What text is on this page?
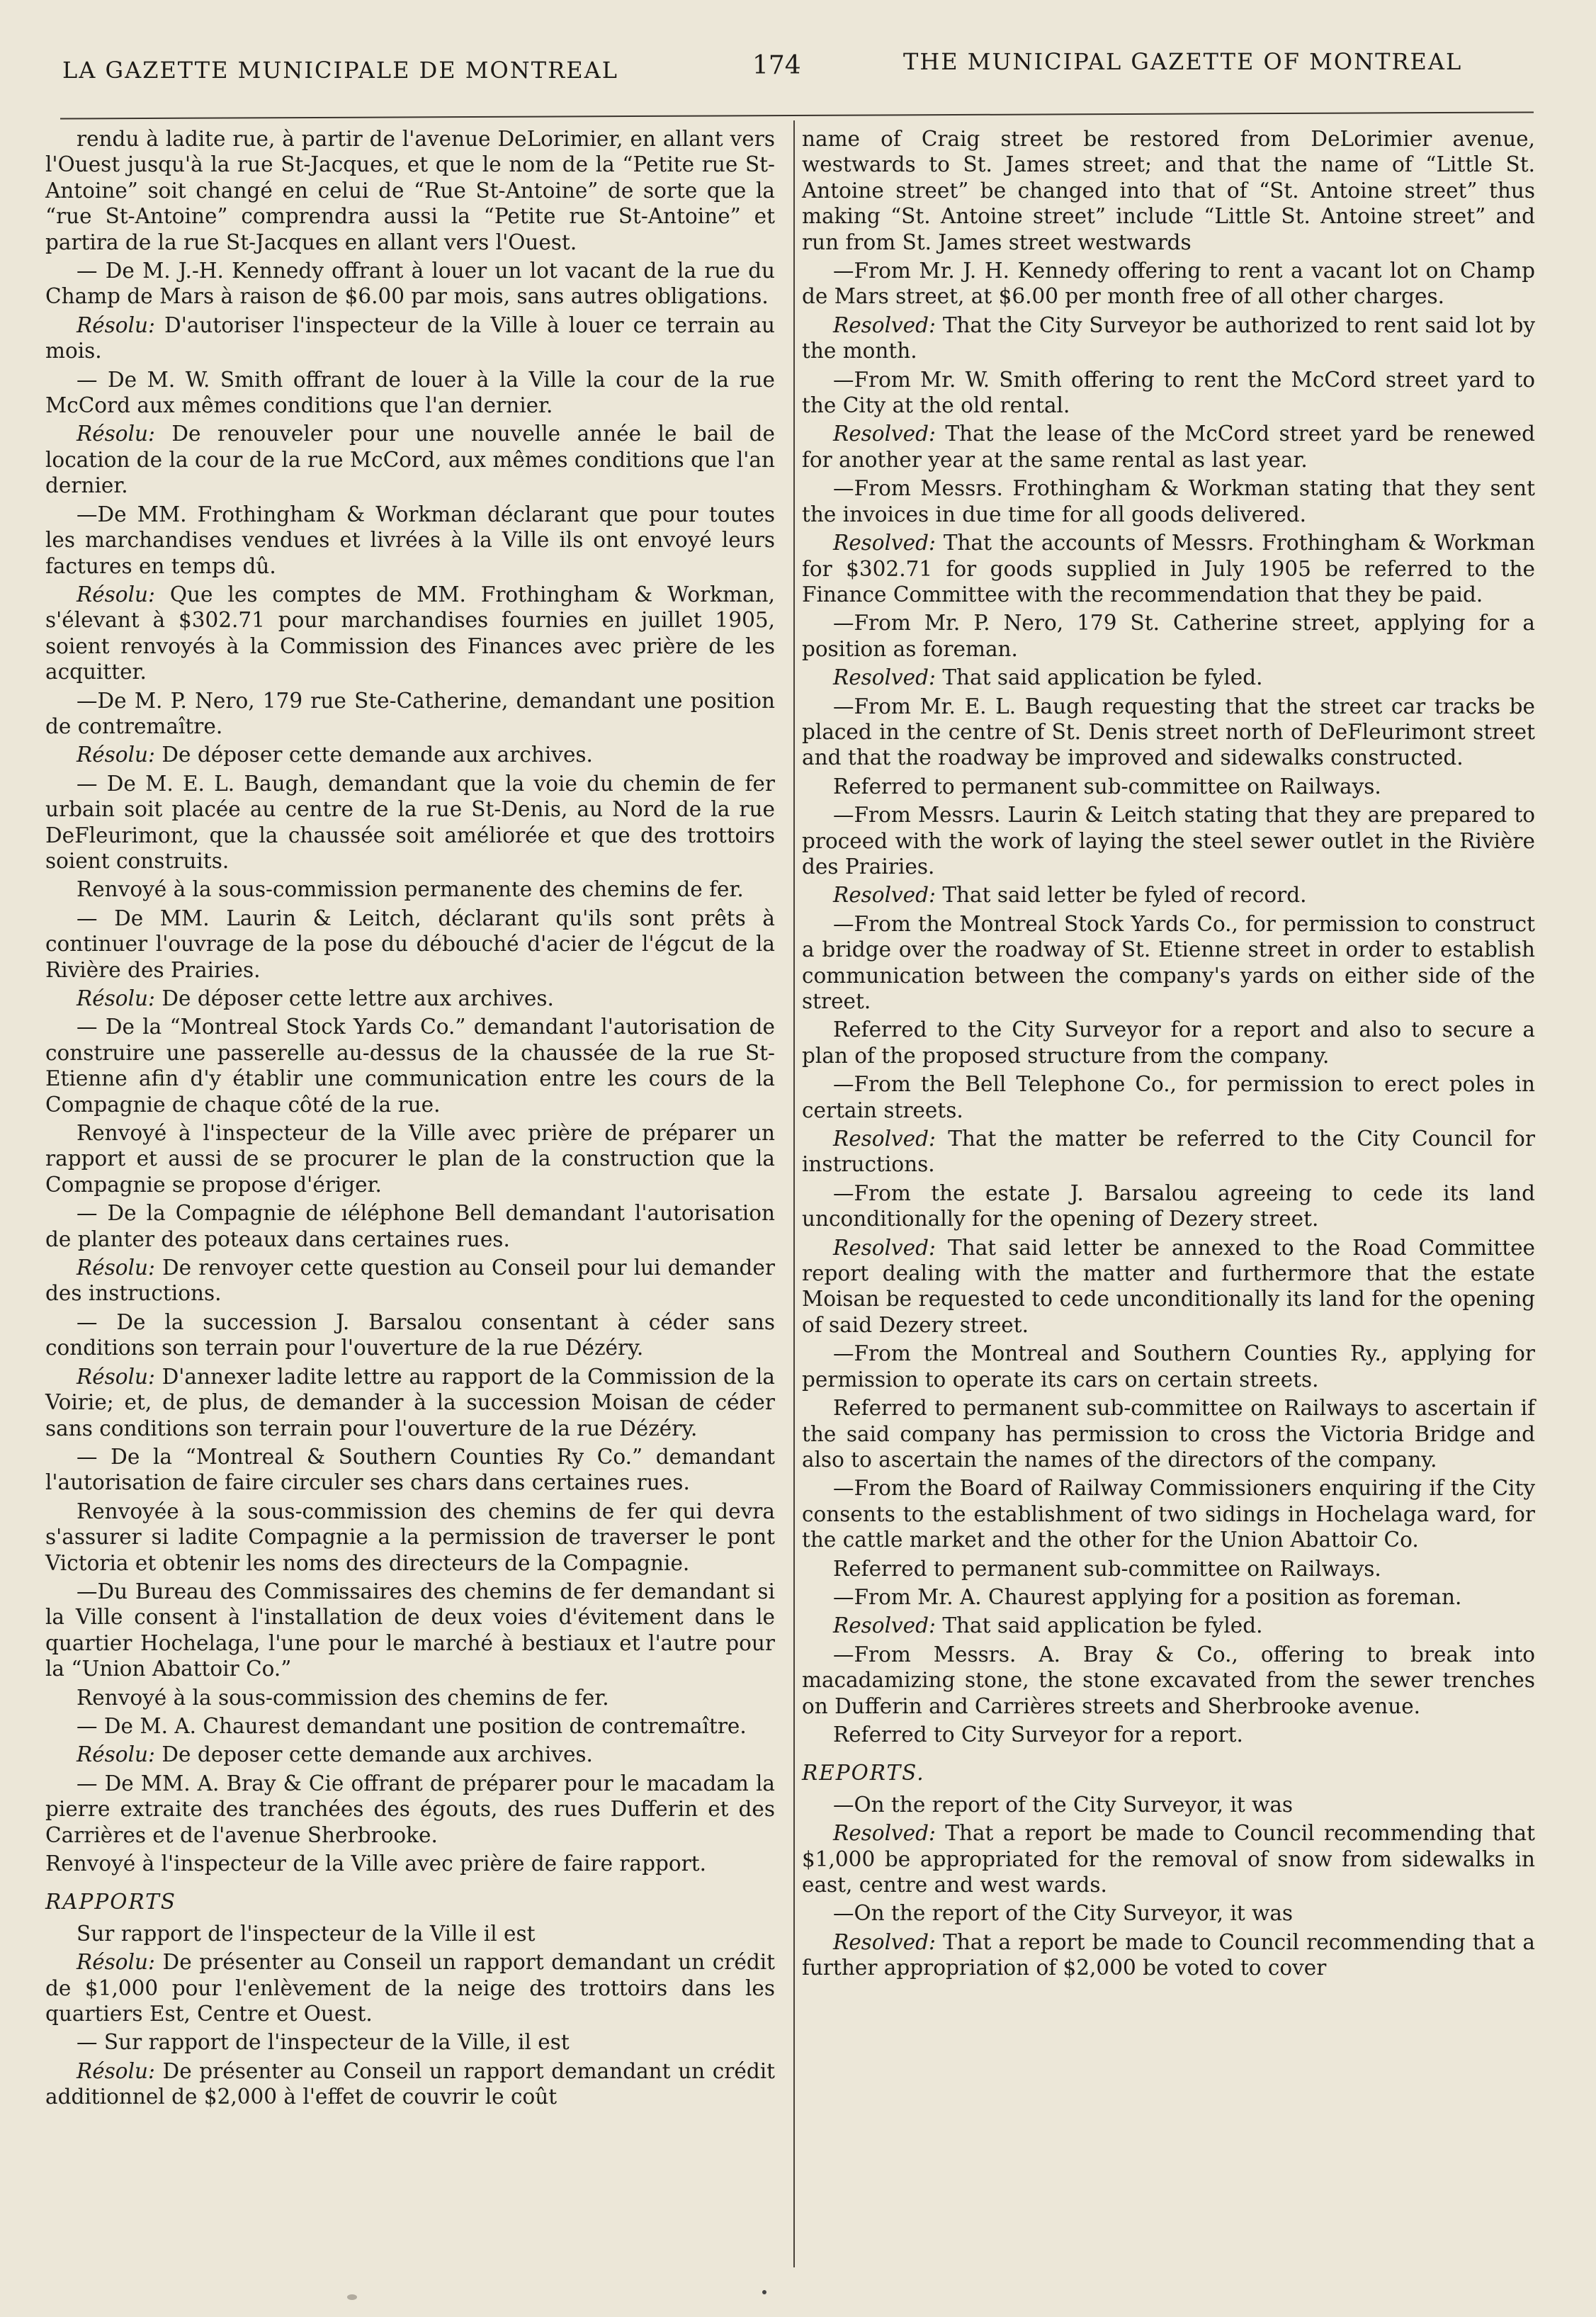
LA GAZETTE MUNICIPALE DE MONTREAL	174	THE MUNICIPAL GAZETTE OF MONTREAL

rendu à ladite rue, à partir de l'avenue DeLorimier, en allant vers l'Ouest jusqu'à la rue St-Jacques, et que le nom de la “Petite rue St-Antoine” soit changé en celui de “Rue St-Antoine” de sorte que la “rue St-Antoine” comprendra aussi la “Petite rue St-Antoine” et partira de la rue St-Jacques en allant vers l'Ouest.

— De M. J.-H. Kennedy offrant à louer un lot vacant de la rue du Champ de Mars à raison de $6.00 par mois, sans autres obligations.

Résolu: D'autoriser l'inspecteur de la Ville à louer ce terrain au mois.

— De M. W. Smith offrant de louer à la Ville la cour de la rue McCord aux mêmes conditions que l'an dernier.

Résolu: De renouveler pour une nouvelle année le bail de location de la cour de la rue McCord, aux mêmes conditions que l'an dernier.

—De MM. Frothingham & Workman déclarant que pour toutes les marchandises vendues et livrées à la Ville ils ont envoyé leurs factures en temps dû.

Résolu: Que les comptes de MM. Frothingham & Workman, s'élevant à $302.71 pour marchandises fournies en juillet 1905, soient renvoyés à la Commission des Finances avec prière de les acquitter.

—De M. P. Nero, 179 rue Ste-Catherine, demandant une position de contremaître.

Résolu: De déposer cette demande aux archives.

— De M. E. L. Baugh, demandant que la voie du chemin de fer urbain soit placée au centre de la rue St-Denis, au Nord de la rue DeFleurimont, que la chaussée soit améliorée et que des trottoirs soient construits.

Renvoyé à la sous-commission permanente des chemins de fer.

— De MM. Laurin & Leitch, déclarant qu'ils sont prêts à continuer l'ouvrage de la pose du débouché d'acier de l'égcut de la Rivière des Prairies.

Résolu: De déposer cette lettre aux archives.

— De la “Montreal Stock Yards Co.” demandant l'autorisation de construire une passerelle au-dessus de la chaussée de la rue St-Etienne afin d'y établir une communication entre les cours de la Compagnie de chaque côté de la rue.

Renvoyé à l'inspecteur de la Ville avec prière de préparer un rapport et aussi de se procurer le plan de la construction que la Compagnie se propose d'ériger.

— De la Compagnie de ıéléphone Bell demandant l'autorisation de planter des poteaux dans certaines rues.

Résolu: De renvoyer cette question au Conseil pour lui demander des instructions.

— De la succession J. Barsalou consentant à céder sans conditions son terrain pour l'ouverture de la rue Dézéry.

Résolu: D'annexer ladite lettre au rapport de la Commission de la Voirie; et, de plus, de demander à la succession Moisan de céder sans conditions son terrain pour l'ouverture de la rue Dézéry.

— De la “Montreal & Southern Counties Ry Co.” demandant l'autorisation de faire circuler ses chars dans certaines rues.

Renvoyée à la sous-commission des chemins de fer qui devra s'assurer si ladite Compagnie a la permission de traverser le pont Victoria et obtenir les noms des directeurs de la Compagnie.

—Du Bureau des Commissaires des chemins de fer demandant si la Ville consent à l'installation de deux voies d'évitement dans le quartier Hochelaga, l'une pour le marché à bestiaux et l'autre pour la “Union Abattoir Co.”

Renvoyé à la sous-commission des chemins de fer.

— De M. A. Chaurest demandant une position de contremaître.

Résolu: De deposer cette demande aux archives.

— De MM. A. Bray & Cie offrant de préparer pour le macadam la pierre extraite des tranchées des égouts, des rues Dufferin et des Carrières et de l'avenue Sherbrooke.

Renvoyé à l'inspecteur de la Ville avec prière de faire rapport.

RAPPORTS

Sur rapport de l'inspecteur de la Ville il est

Résolu: De présenter au Conseil un rapport demandant un crédit de $1,000 pour l'enlèvement de la neige des trottoirs dans les quartiers Est, Centre et Ouest.

— Sur rapport de l'inspecteur de la Ville, il est

Résolu: De présenter au Conseil un rapport demandant un crédit additionnel de $2,000 à l'effet de couvrir le coût

name of Craig street be restored from DeLorimier avenue, westwards to St. James street; and that the name of “Little St. Antoine street” be changed into that of “St. Antoine street” thus making “St. Antoine street” include “Little St. Antoine street” and run from St. James street westwards

—From Mr. J. H. Kennedy offering to rent a vacant lot on Champ de Mars street, at $6.00 per month free of all other charges.

Resolved: That the City Surveyor be authorized to rent said lot by the month.

—From Mr. W. Smith offering to rent the McCord street yard to the City at the old rental.

Resolved: That the lease of the McCord street yard be renewed for another year at the same rental as last year.

—From Messrs. Frothingham & Workman stating that they sent the invoices in due time for all goods delivered.

Resolved: That the accounts of Messrs. Frothingham & Workman for $302.71 for goods supplied in July 1905 be referred to the Finance Committee with the recommendation that they be paid.

—From Mr. P. Nero, 179 St. Catherine street, applying for a position as foreman.

Resolved: That said application be fyled.

—From Mr. E. L. Baugh requesting that the street car tracks be placed in the centre of St. Denis street north of DeFleurimont street and that the roadway be improved and sidewalks constructed.

Referred to permanent sub-committee on Railways.

—From Messrs. Laurin & Leitch stating that they are prepared to proceed with the work of laying the steel sewer outlet in the Rivière des Prairies.

Resolved: That said letter be fyled of record.

—From the Montreal Stock Yards Co., for permission to construct a bridge over the roadway of St. Etienne street in order to establish communication between the company's yards on either side of the street.

Referred to the City Surveyor for a report and also to secure a plan of the proposed structure from the company.

—From the Bell Telephone Co., for permission to erect poles in certain streets.

Resolved: That the matter be referred to the City Council for instructions.

—From the estate J. Barsalou agreeing to cede its land unconditionally for the opening of Dezery street.

Resolved: That said letter be annexed to the Road Committee report dealing with the matter and furthermore that the estate Moisan be requested to cede unconditionally its land for the opening of said Dezery street.

—From the Montreal and Southern Counties Ry., applying for permission to operate its cars on certain streets.

Referred to permanent sub-committee on Railways to ascertain if the said company has permission to cross the Victoria Bridge and also to ascertain the names of the directors of the company.

—From the Board of Railway Commissioners enquiring if the City consents to the establishment of two sidings in Hochelaga ward, for the cattle market and the other for the Union Abattoir Co.

Referred to permanent sub-committee on Railways.

—From Mr. A. Chaurest applying for a position as foreman.

Resolved: That said application be fyled.

—From Messrs. A. Bray & Co., offering to break into macadamizing stone, the stone excavated from the sewer trenches on Dufferin and Carrières streets and Sherbrooke avenue.

Referred to City Surveyor for a report.

REPORTS.

—On the report of the City Surveyor, it was

Resolved: That a report be made to Council recommending that $1,000 be appropriated for the removal of snow from sidewalks in east, centre and west wards.

—On the report of the City Surveyor, it was

Resolved: That a report be made to Council recommending that a further appropriation of $2,000 be voted to cover
